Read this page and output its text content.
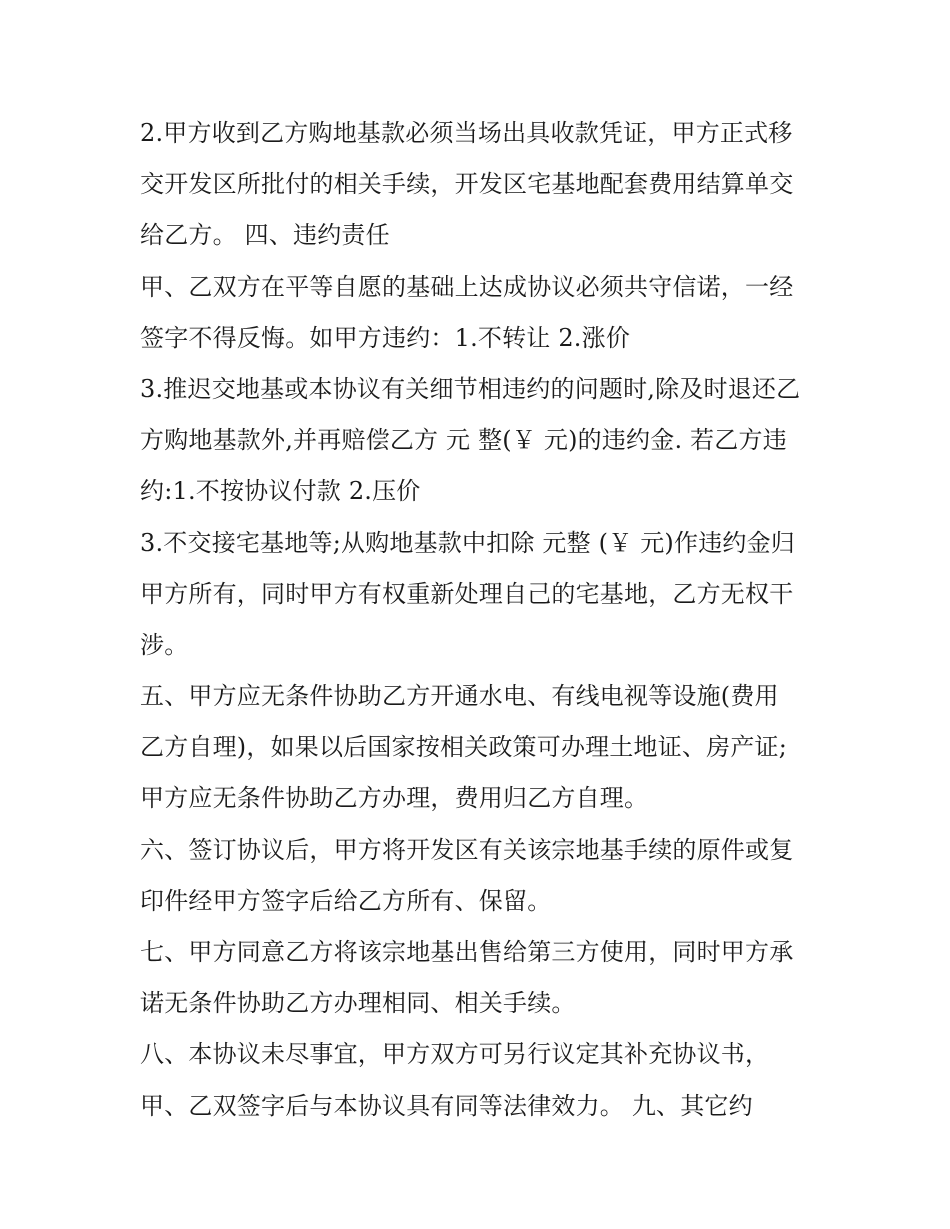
2.甲方收到乙方购地基款必须当场出具收款凭证，甲方正式移
交开发区所批付的相关手续，开发区宅基地配套费用结算单交
给乙方。 四、违约责任
甲、乙双方在平等自愿的基础上达成协议必须共守信诺，一经
签字不得反悔。如甲方违约：1.不转让 2.涨价
3.推迟交地基或本协议有关细节相违约的问题时,除及时退还乙
方购地基款外,并再赔偿乙方 元 整(￥ 元)的违约金. 若乙方违
约:1.不按协议付款 2.压价
3.不交接宅基地等;从购地基款中扣除 元整 (￥ 元)作违约金归
甲方所有，同时甲方有权重新处理自己的宅基地，乙方无权干
涉。
五、甲方应无条件协助乙方开通水电、有线电视等设施(费用
乙方自理)，如果以后国家按相关政策可办理土地证、房产证;
甲方应无条件协助乙方办理，费用归乙方自理。
六、签订协议后，甲方将开发区有关该宗地基手续的原件或复
印件经甲方签字后给乙方所有、保留。
七、甲方同意乙方将该宗地基出售给第三方使用，同时甲方承
诺无条件协助乙方办理相同、相关手续。
八、本协议未尽事宜，甲方双方可另行议定其补充协议书，
甲、乙双签字后与本协议具有同等法律效力。 九、其它约
